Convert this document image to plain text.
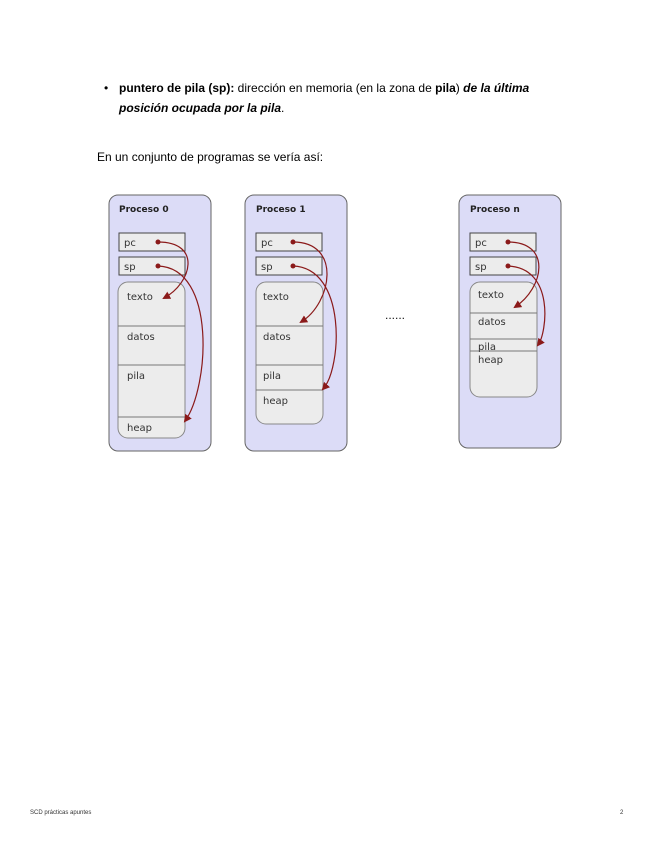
• puntero de pila (sp): dirección en memoria (en la zona de pila) de la última posición ocupada por la pila.
En un conjunto de programas se vería así:
Proceso 0
pc
sp
texto
datos
pila
heap
Proceso 1
pc
sp
texto
datos
pila
heap
......
Proceso n
pc
sp
texto
datos
pila
heap
SCD prácticas apuntes	2
